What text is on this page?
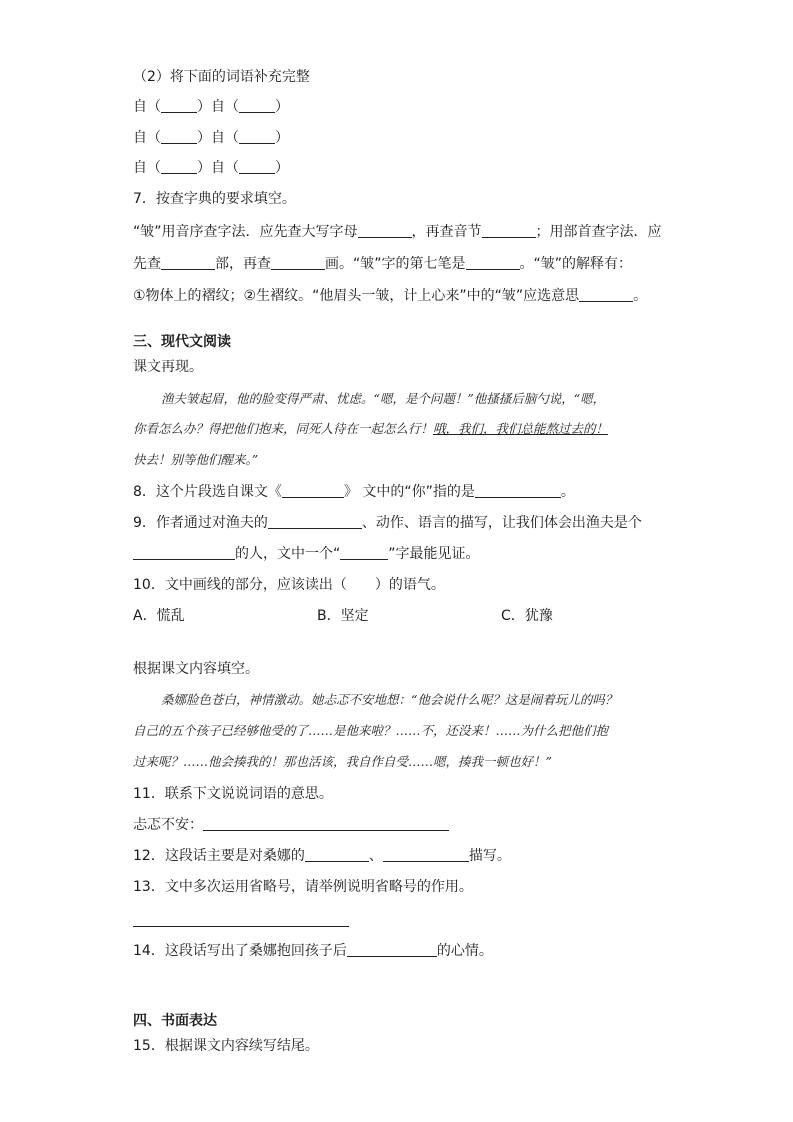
（2）将下面的词语补充完整
自（	）自（	）
自（	）自（	）
自（	）自（	）
7．按查字典的要求填空。
“皱”用音序查字法．应先查大写字母	，再查音节	；用部首查字法．应
先查	部，再查	画。“皱”字的第七笔是	。“皱”的解释有：
①物体上的褶纹；②生褶纹。“他眉头一皱，计上心来”中的“皱”应选意思	。
三、现代文阅读
课文再现。
渔夫皱起眉，他的脸变得严肃、忧虑。“嗯，是个问题！”他搔搔后脑勺说，“嗯，
你看怎么办？得把他们抱来，同死人待在一起怎么行！哦，我们，我们总能熬过去的！
快去！别等他们醒来。”
8．这个片段选自课文《	》 文中的“你”指的是	。
9．作者通过对渔夫的	、动作、语言的描写，让我们体会出渔夫是个
的人，文中一个“	”字最能见证。
10．文中画线的部分，应该读出（　　）的语气。
A．慌乱	B．坚定	C．犹豫
根据课文内容填空。
桑娜脸色苍白，神情激动。她忐忑不安地想：“他会说什么呢？这是闹着玩儿的吗？
自己的五个孩子已经够他受的了……是他来啦？……不，还没来！……为什么把他们抱
过来呢？……他会揍我的！那也活该，我自作自受……嗯，揍我一顿也好！”
11．联系下文说说词语的意思。
忐忑不安：
12．这段话主要是对桑娜的	、	描写。
13．文中多次运用省略号，请举例说明省略号的作用。
14．这段话写出了桑娜抱回孩子后	的心情。
四、书面表达
15．根据课文内容续写结尾。
